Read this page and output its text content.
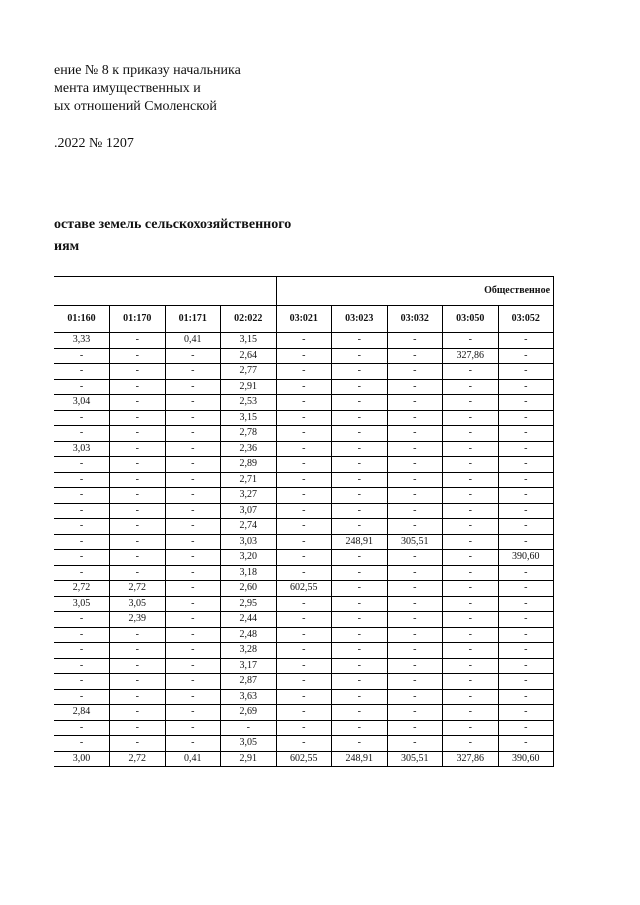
ение № 8 к приказу начальника
мента имущественных и
ых отношений Смоленской
.2022 № 1207
оставе земель сельскохозяйственного
иям
				Общественное				
01:160	01:170	01:171	02:022	03:021	03:023	03:032	03:050	03:052
3,33	-	0,41	3,15	-	-	-	-	-
-	-	-	2,64	-	-	-	327,86	-
-	-	-	2,77	-	-	-	-	-
-	-	-	2,91	-	-	-	-	-
3,04	-	-	2,53	-	-	-	-	-
-	-	-	3,15	-	-	-	-	-
-	-	-	2,78	-	-	-	-	-
3,03	-	-	2,36	-	-	-	-	-
-	-	-	2,89	-	-	-	-	-
-	-	-	2,71	-	-	-	-	-
-	-	-	3,27	-	-	-	-	-
-	-	-	3,07	-	-	-	-	-
-	-	-	2,74	-	-	-	-	-
-	-	-	3,03	-	248,91	305,51	-	-
-	-	-	3,20	-	-	-	-	390,60
-	-	-	3,18	-	-	-	-	-
2,72	2,72	-	2,60	602,55	-	-	-	-
3,05	3,05	-	2,95	-	-	-	-	-
-	2,39	-	2,44	-	-	-	-	-
-	-	-	2,48	-	-	-	-	-
-	-	-	3,28	-	-	-	-	-
-	-	-	3,17	-	-	-	-	-
-	-	-	2,87	-	-	-	-	-
-	-	-	3,63	-	-	-	-	-
2,84	-	-	2,69	-	-	-	-	-
-	-	-	-	-	-	-	-	-
-	-	-	3,05	-	-	-	-	-
3,00	2,72	0,41	2,91	602,55	248,91	305,51	327,86	390,60
